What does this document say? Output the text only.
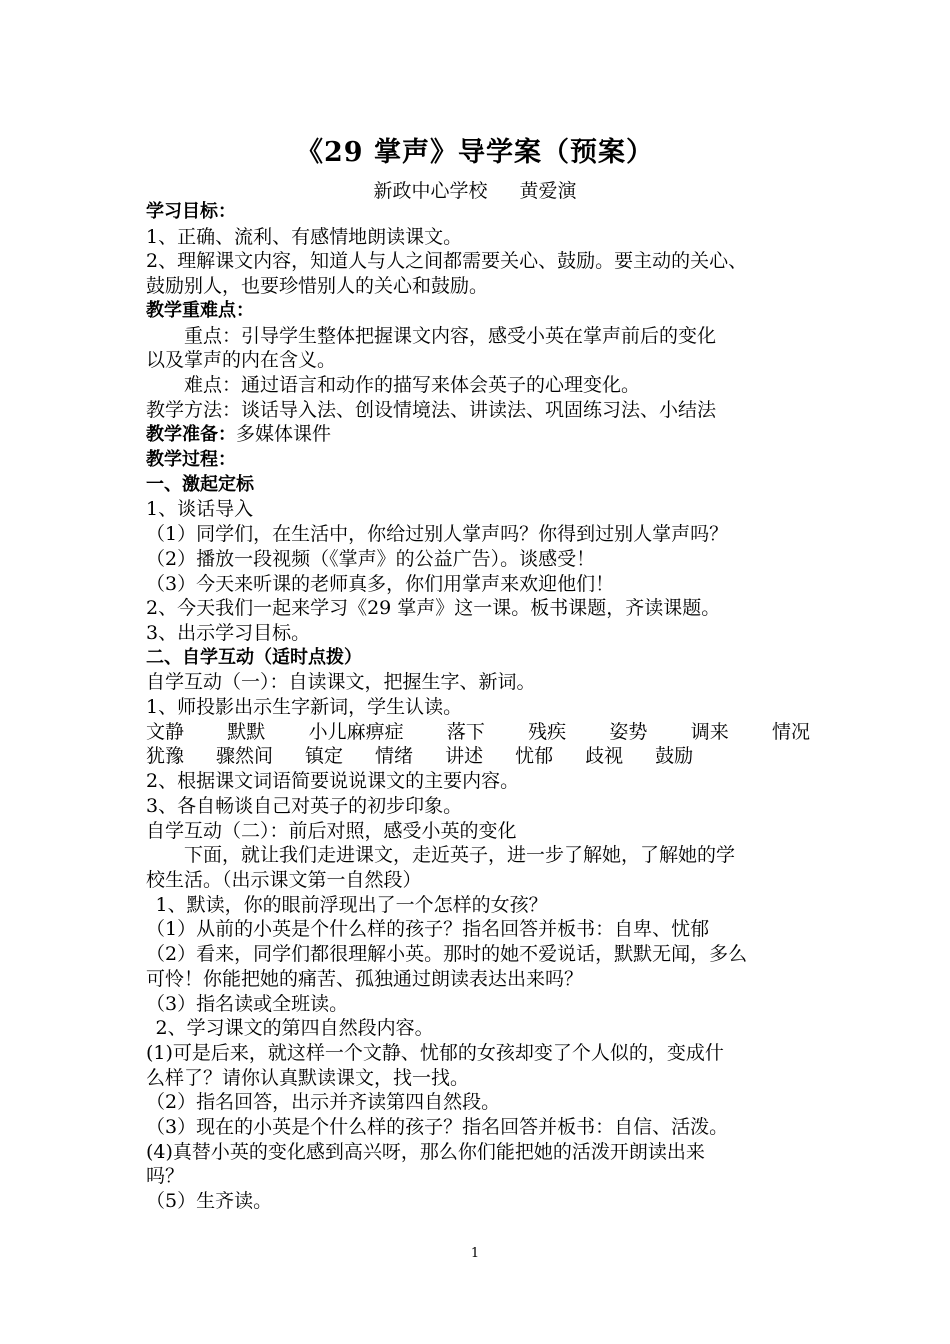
《29 掌声》导学案（预案）
新政中心学校 黄爱演

学习目标：

1、正确、流利、有感情地朗读课文。

2、理解课文内容，知道人与人之间都需要关心、鼓励。要主动的关心、

鼓励别人，也要珍惜别人的关心和鼓励。

教学重难点：

重点：引导学生整体把握课文内容，感受小英在掌声前后的变化

以及掌声的内在含义。

难点：通过语言和动作的描写来体会英子的心理变化。

教学方法：谈话导入法、创设情境法、讲读法、巩固练习法、小结法

教学准备：多媒体课件

教学过程：

一、激起定标

1、谈话导入

（1）同学们，在生活中，你给过别人掌声吗？你得到过别人掌声吗？

（2）播放一段视频（《掌声》的公益广告）。谈感受！

（3）今天来听课的老师真多，你们用掌声来欢迎他们！

2、今天我们一起来学习《29 掌声》这一课。板书课题，齐读课题。

3、出示学习目标。

二、自学互动（适时点拨）

自学互动（一）：自读课文，把握生字、新词。

1、师投影出示生字新词，学生认读。

文静 默默 小儿麻痹症 落下 残疾 姿势 调来 情况

犹豫 骤然间 镇定 情绪 讲述 忧郁 歧视 鼓励

2、根据课文词语简要说说课文的主要内容。

3、各自畅谈自己对英子的初步印象。

自学互动（二）：前后对照，感受小英的变化

下面，就让我们走进课文，走近英子，进一步了解她，了解她的学

校生活。（出示课文第一自然段）

1、默读，你的眼前浮现出了一个怎样的女孩？

（1）从前的小英是个什么样的孩子？指名回答并板书：自卑、忧郁

（2）看来，同学们都很理解小英。那时的她不爱说话，默默无闻，多么

可怜！你能把她的痛苦、孤独通过朗读表达出来吗？

（3）指名读或全班读。

2、学习课文的第四自然段内容。

(1)可是后来，就这样一个文静、忧郁的女孩却变了个人似的，变成什

么样了？请你认真默读课文，找一找。

（2）指名回答，出示并齐读第四自然段。

（3）现在的小英是个什么样的孩子？指名回答并板书：自信、活泼。

(4)真替小英的变化感到高兴呀，那么你们能把她的活泼开朗读出来

吗？

（5）生齐读。

1
